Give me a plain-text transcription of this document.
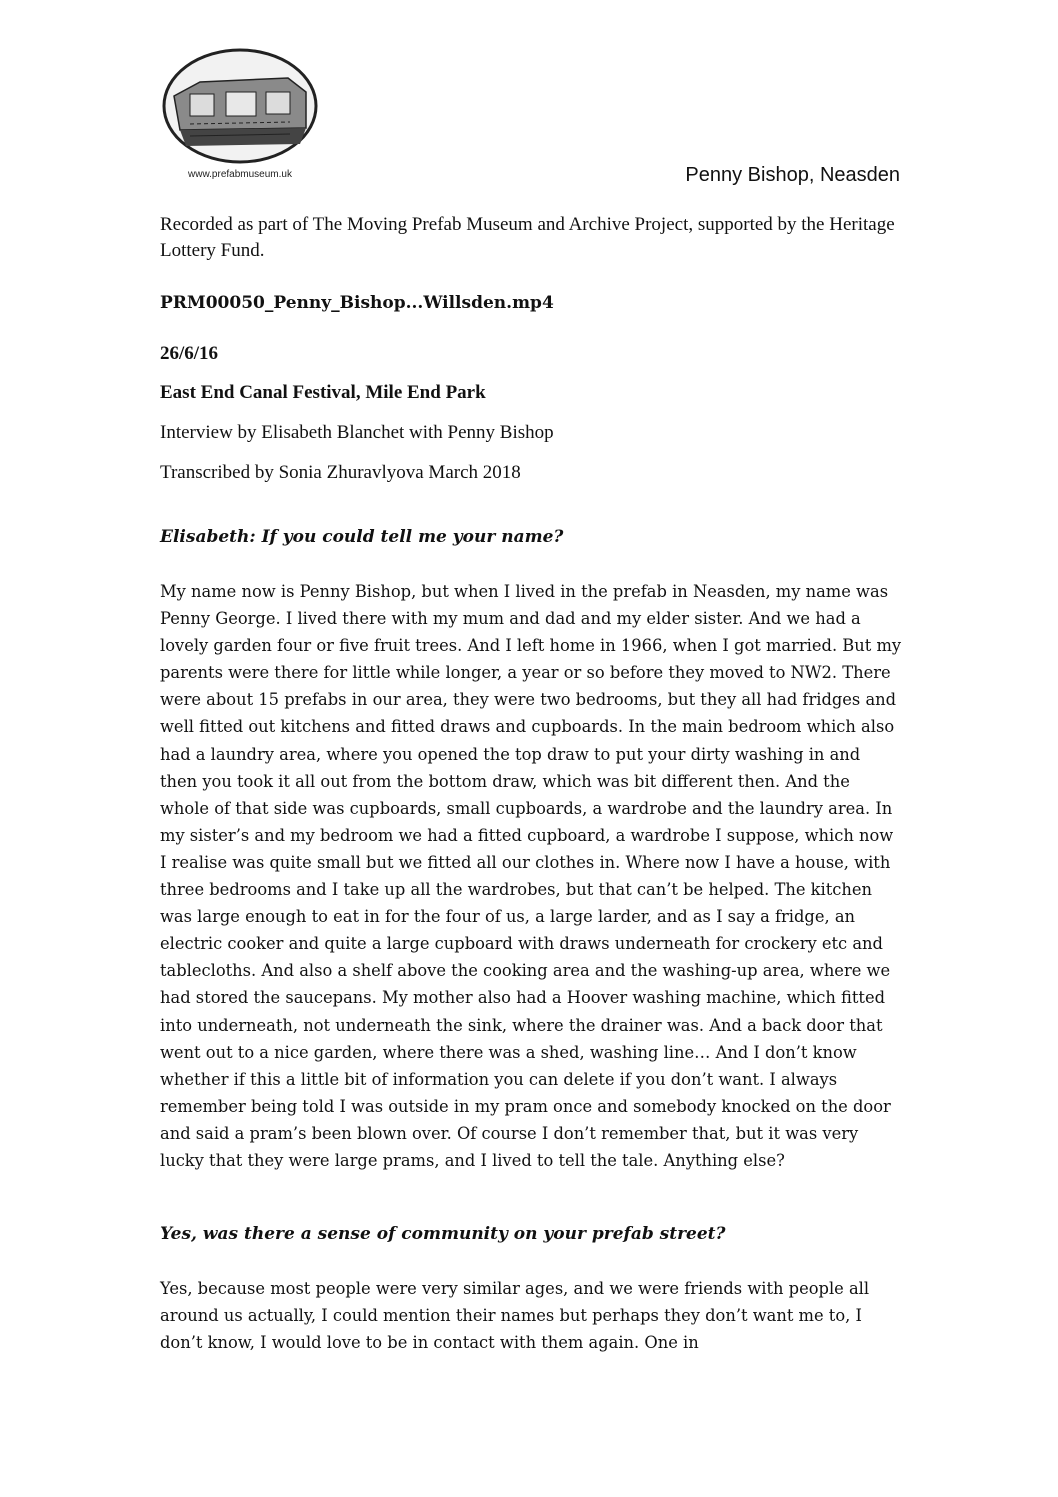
www.prefabmuseum.uk	Penny Bishop, Neasden
Recorded as part of The Moving Prefab Museum and Archive Project, supported by the Heritage Lottery Fund.
PRM00050_Penny_Bishop...Willsden.mp4
26/6/16
East End Canal Festival, Mile End Park
Interview by Elisabeth Blanchet with Penny Bishop
Transcribed by Sonia Zhuravlyova March 2018
Elisabeth: If you could tell me your name?
My name now is Penny Bishop, but when I lived in the prefab in Neasden, my name was Penny George. I lived there with my mum and dad and my elder sister. And we had a lovely garden four or five fruit trees. And I left home in 1966, when I got married. But my parents were there for little while longer, a year or so before they moved to NW2. There were about 15 prefabs in our area, they were two bedrooms, but they all had fridges and well fitted out kitchens and fitted draws and cupboards. In the main bedroom which also had a laundry area, where you opened the top draw to put your dirty washing in and then you took it all out from the bottom draw, which was bit different then. And the whole of that side was cupboards, small cupboards, a wardrobe and the laundry area. In my sister’s and my bedroom we had a fitted cupboard, a wardrobe I suppose, which now I realise was quite small but we fitted all our clothes in. Where now I have a house, with three bedrooms and I take up all the wardrobes, but that can’t be helped. The kitchen was large enough to eat in for the four of us, a large larder, and as I say a fridge, an electric cooker and quite a large cupboard with draws underneath for crockery etc and tablecloths. And also a shelf above the cooking area and the washing-up area, where we had stored the saucepans. My mother also had a Hoover washing machine, which fitted into underneath, not underneath the sink, where the drainer was. And a back door that went out to a nice garden, where there was a shed, washing line… And I don’t know whether if this a little bit of information you can delete if you don’t want. I always remember being told I was outside in my pram once and somebody knocked on the door and said a pram’s been blown over. Of course I don’t remember that, but it was very lucky that they were large prams, and I lived to tell the tale. Anything else?
Yes, was there a sense of community on your prefab street?
Yes, because most people were very similar ages, and we were friends with people all around us actually, I could mention their names but perhaps they don’t want me to, I don’t know, I would love to be in contact with them again. One in
